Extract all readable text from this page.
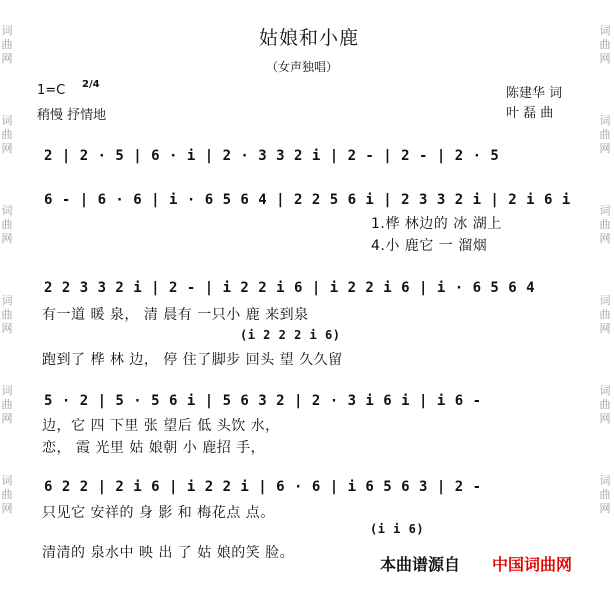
词
曲
网
词
曲
网
词
曲
网
词
曲
网
词
曲
网
词
曲
网
词
曲
网
词
曲
网
词
曲
网
词
曲
网
词
曲
网
词
曲
网
姑娘和小鹿
（女声独唱）
1=C 2/4
稍慢 抒情地
陈建华 词
叶 磊 曲
2 | 2 · 5 | 6 · i | 2 · 3 3 2 i | 2 - | 2 - | 2 · 5
6 - | 6 · 6 | i · 6 5 6 4 | 2 2 5 6 i | 2 3 3 2 i | 2 i 6 i
1.桦 林边的 冰 湖上
4.小 鹿它 一 溜烟
2 2 3 3 2 i | 2 - | i 2 2 i 6 | i 2 2 i 6 | i · 6 5 6 4
有一道 暖 泉， 清 晨有 一只小 鹿 来到泉
(i 2 2 2 i 6)
跑到了 桦 林 边， 停 住了脚步 回头 望 久久留
5 · 2 | 5 · 5 6 i | 5 6 3 2 | 2 · 3 i 6 i | i 6 -
边，它 四 下里 张 望后 低 头饮 水，
恋， 霞 光里 姑 娘朝 小 鹿招 手，
6 2 2 | 2 i 6 | i 2 2 i | 6 · 6 | i 6 5 6 3 | 2 -
只见它 安祥的 身 影 和 梅花点 点。
(i i 6)
清清的 泉水中 映 出 了 姑 娘的笑 脸。
本曲谱源自 中国词曲网
